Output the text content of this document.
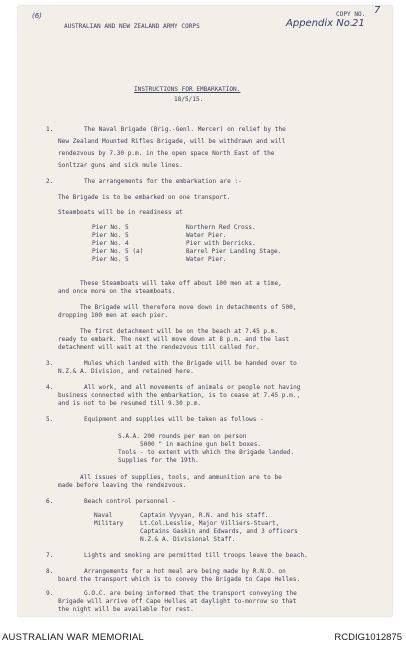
(6)	COPY NO. 7
AUSTRALIAN AND NEW ZEALAND ARMY CORPS	Appendix No.
21
INSTRUCTIONS FOR EMBARKATION.
18/5/15.
1.	The Naval Brigade (Brig.-Genl. Mercer) on relief by the
New Zealand Mounted Rifles Brigade, will be withdrawn and will
rendezvous by 7.30 p.m. in the open space North East of the
Sonltzar guns and sick mule lines.
2.	The arrangements for the embarkation are :-
The Brigade is to be embarked on one transport.
Steamboats will be in readiness at
Pier No. 5	Northern Red Cross.
Pier No. 5	Water Pier.
Pier No. 4	Pier with Derricks.
Pier No. 5 (a)	Barrel Pier Landing Stage.
Pier No. 5	Water Pier.
These Steamboats will take off about 100 men at a time,
and once more on the steamboats.
The Brigade will therefore move down in detachments of 500,
dropping 100 men at each pier.
The first detachment will be on the beach at 7.45 p.m.
ready to embark. The next will move down at 8 p.m. and the last
detachment will wait at the rendezvous till called for.
3.	Mules which landed with the Brigade will be handed over to
N.Z.& A. Division, and retained here.
4.	All work, and all movements of animals or people not having
business connected with the embarkation, is to cease at 7.45 p.m.,
and is not to be resumed till 9.30 p.m.
5.	Equipment and supplies will be taken as follows -
S.A.A. 200 rounds per man on person
5000 " in machine gun belt boxes.
Tools - to extent with which the Brigade landed.
Supplies for the 19th.
All issues of supplies, tools, and ammunition are to be
made before leaving the rendezvous.
6.	Beach control personnel -
Naval	Captain Vyvyan, R.N. and his staff.
Military	Lt.Col.Lesslie, Major Villiers-Stuart,
Captains Gaskin and Edwards, and 3 officers
N.Z.& A. Divisional Staff.
7.	Lights and smoking are permitted till troops leave the beach.
8.	Arrangements for a hot meal are being made by R.N.O. on
board the transport which is to convey the Brigade to Cape Helles.
9.	G.O.C. are being informed that the transport conveying the
Brigade will arrive off Cape Helles at daylight to-morrow so that
the night will be available for rest.
AUSTRALIAN WAR MEMORIAL	RCDIG1012875
